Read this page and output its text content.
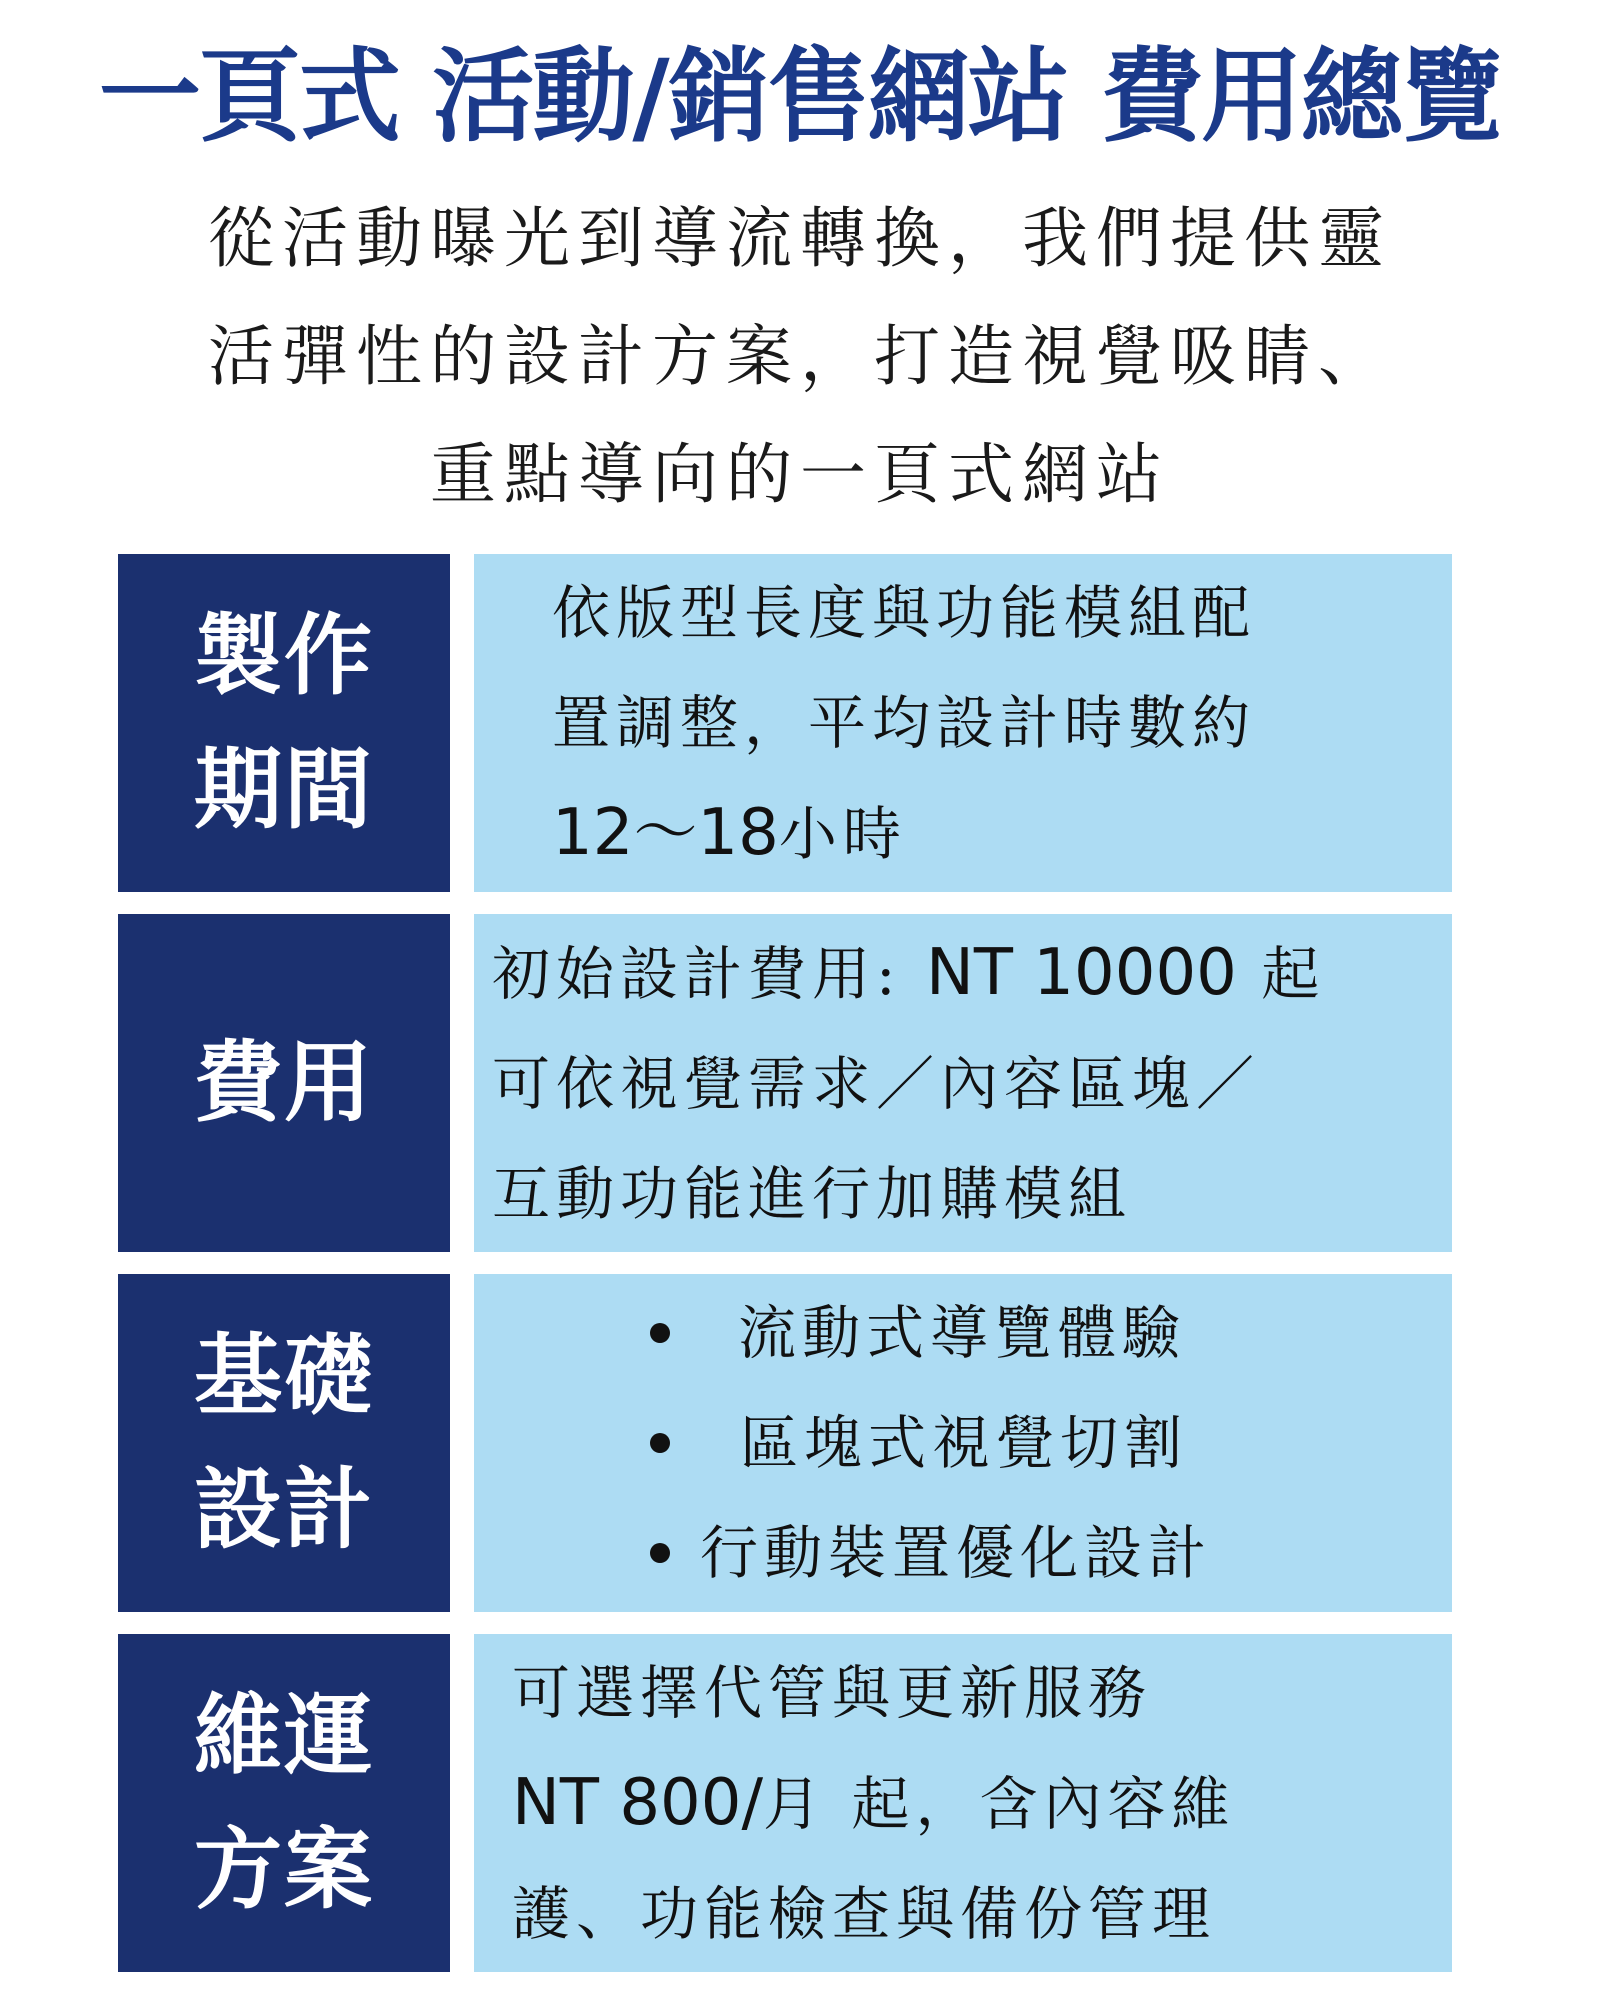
一頁式 活動/銷售網站 費用總覽
從活動曝光到導流轉換，我們提供靈
活彈性的設計方案，打造視覺吸睛、
重點導向的一頁式網站
製作
期間
依版型長度與功能模組配
置調整，平均設計時數約
12～18小時
費用
初始設計費用: NT 10000 起
可依視覺需求／內容區塊／
互動功能進行加購模組
基礎
設計
流動式導覽體驗
區塊式視覺切割
行動裝置優化設計
維運
方案
可選擇代管與更新服務
NT 800/月 起，含內容維
護、功能檢查與備份管理
